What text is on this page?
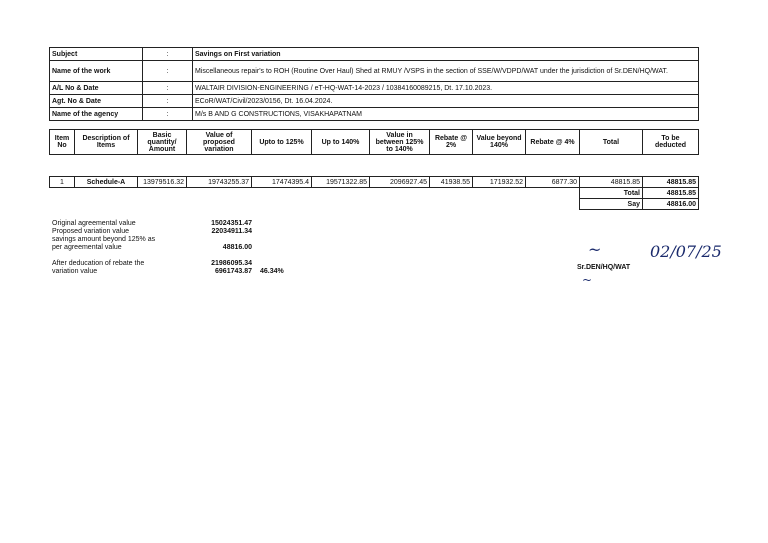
Subject	:	Savings on First variation
Name of the work	:	Miscellaneous repair's to ROH (Routine Over Haul) Shed at RMUY /VSPS in the section of SSE/W/VDPD/WAT under the jurisdiction of Sr.DEN/HQ/WAT.
A/L No & Date	:	WALTAIR DIVISION-ENGINEERING / eT-HQ-WAT-14-2023 / 10384160089215, Dt. 17.10.2023.
Agt. No & Date	:	ECoR/WAT/Civil/2023/0156, Dt. 16.04.2024.
Name of the agency	:	M/s B AND G CONSTRUCTIONS, VISAKHAPATNAM
Item No	Description of Items	Basic quantity/ Amount	Value of proposed variation	Upto to 125%	Up to 140%	Value in between 125% to 140%	Rebate @ 2%	Value beyond 140%	Rebate @ 4%	Total	To be deducted
1	Schedule-A	13979516.32	19743255.37	17474395.4	19571322.85	2096927.45	41938.55	171932.52	6877.30	48815.85	48815.85
										Total	48815.85
										Say	48816.00
Original agreemental value	15024351.47
Proposed variation value	22034911.34
savings amount beyond 125% as
per agreemental value	48816.00
After deducation of rebate the	21986095.34
variation value	6961743.87 46.34%
~	02/07/25
Sr.DEN/HQ/WAT
~
